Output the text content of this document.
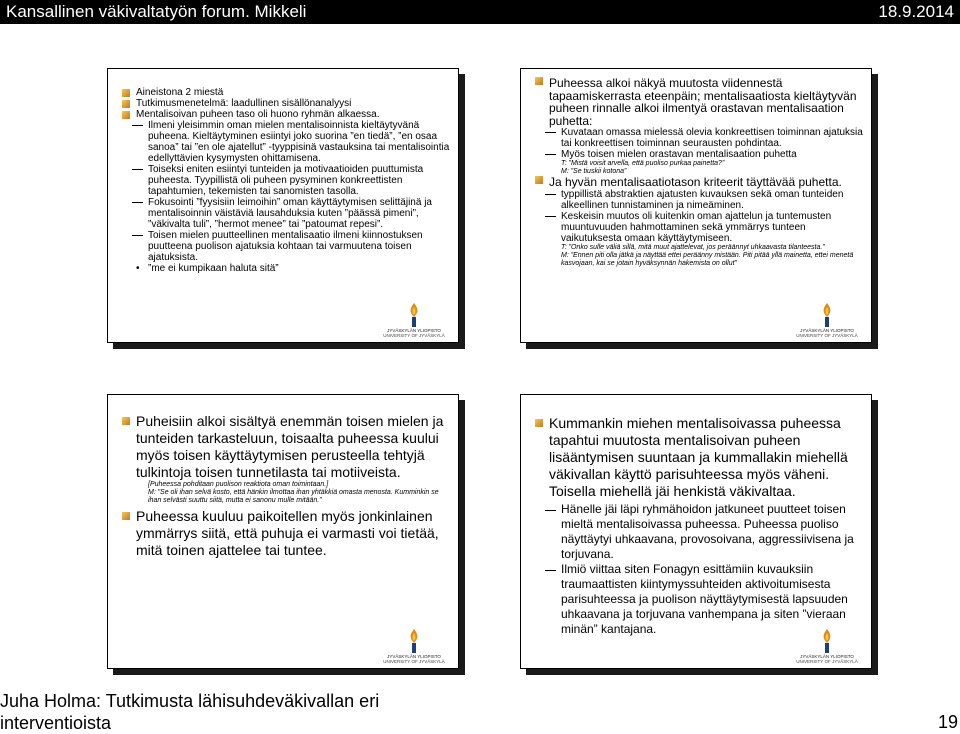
Kansallinen väkivaltatyön forum. Mikkeli	18.9.2014
Aineistona 2 miestä
Tutkimusmenetelmä: laadullinen sisällönanalyysi
Mentalisoivan puheen taso oli huono ryhmän alkaessa.
Ilmeni yleisimmin oman mielen mentalisoinnista kieltäytyvänä puheena. Kieltäytyminen esiintyi joko suorina ”en tiedä”, ”en osaa sanoa” tai ”en ole ajatellut” -tyyppisinä vastauksina tai mentalisointia edellyttävien kysymysten ohittamisena.
Toiseksi eniten esiintyi tunteiden ja motivaatioiden puuttumista puheesta. Tyypillistä oli puheen pysyminen konkreettisten tapahtumien, tekemisten tai sanomisten tasolla.
Fokusointi ”fyysisiin leimoihin” oman käyttäytymisen selittäjinä ja mentalisoinnin väistäviä lausahduksia kuten ”päässä pimeni”, ”väkivalta tuli”, ”hermot menee” tai ”patoumat repesi”.
Toisen mielen puutteellinen mentalisaatio ilmeni kiinnostuksen puutteena puolison ajatuksia kohtaan tai varmuutena toisen ajatuksista.
• ”me ei kumpikaan haluta sitä”
JYVÄSKYLÄN YLIOPISTO
UNIVERSITY OF JYVÄSKYLÄ
Puheessa alkoi näkyä muutosta viidennestä tapaamiskerrasta eteenpäin; mentalisaatiosta kieltäytyvän puheen rinnalle alkoi ilmentyä orastavan mentalisaation puhetta:
Kuvataan omassa mielessä olevia konkreettisen toiminnan ajatuksia tai konkreettisen toiminnan seurausten pohdintaa.
Myös toisen mielen orastavan mentalisaation puhetta
T: ”Mistä voisit arvella, että puoliso purkaa painetta?”
M: ”Se tiuskii kotona”
Ja hyvän mentalisaatiotason kriteerit täyttävää puhetta.
typpillistä abstraktien ajatusten kuvauksen sekä oman tunteiden alkeellinen tunnistaminen ja nimeäminen.
Keskeisin muutos oli kuitenkin oman ajattelun ja tuntemusten muuntuvuuden hahmottaminen sekä ymmärrys tunteen vaikutuksesta omaan käyttäytymiseen.
T: ”Onko sulle väliä sillä, mitä muut ajattelevat, jos peräännyt uhkaavasta tilanteesta.”
M: ”Ennen piti olla jätkä ja näyttää ettei peräänny mistään. Piti pitää yllä mainetta, ettei menetä kasvojaan, kai se jotain hyväksynnän hakemista on ollut”
JYVÄSKYLÄN YLIOPISTO
UNIVERSITY OF JYVÄSKYLÄ
Puheisiin alkoi sisältyä enemmän toisen mielen ja tunteiden tarkasteluun, toisaalta puheessa kuului myös toisen käyttäytymisen perusteella tehtyjä tulkintoja toisen tunnetilasta tai motiiveista.
[Puheessa pohditaan puolison reaktiota oman toimintaan.]
M: ”Se oli ihan selvä kosto, että hänkin ilmottaa ihan yhtäkkiä omasta menosta. Kumminkin se ihan selvästi suuttu siitä, mutta ei sanonu mulle mitään.”
Puheessa kuuluu paikoitellen myös jonkinlainen ymmärrys siitä, että puhuja ei varmasti voi tietää, mitä toinen ajattelee tai tuntee.
JYVÄSKYLÄN YLIOPISTO
UNIVERSITY OF JYVÄSKYLÄ
Kummankin miehen mentalisoivassa puheessa tapahtui muutosta mentalisoivan puheen lisääntymisen suuntaan ja kummallakin miehellä väkivallan käyttö parisuhteessa myös väheni. Toisella miehellä jäi henkistä väkivaltaa.
Hänelle jäi läpi ryhmähoidon jatkuneet puutteet toisen mieltä mentalisoivassa puheessa. Puheessa puoliso näyttäytyi uhkaavana, provosoivana, aggressiivisena ja torjuvana.
Ilmiö viittaa siten Fonagyn esittämiin kuvauksiin traumaattisten kiintymyssuhteiden aktivoitumisesta parisuhteessa ja puolison näyttäytymisestä lapsuuden uhkaavana ja torjuvana vanhempana ja siten ”vieraan minän” kantajana.
JYVÄSKYLÄN YLIOPISTO
UNIVERSITY OF JYVÄSKYLÄ
Juha Holma: Tutkimusta lähisuhdeväkivallan eri
interventioista	19
